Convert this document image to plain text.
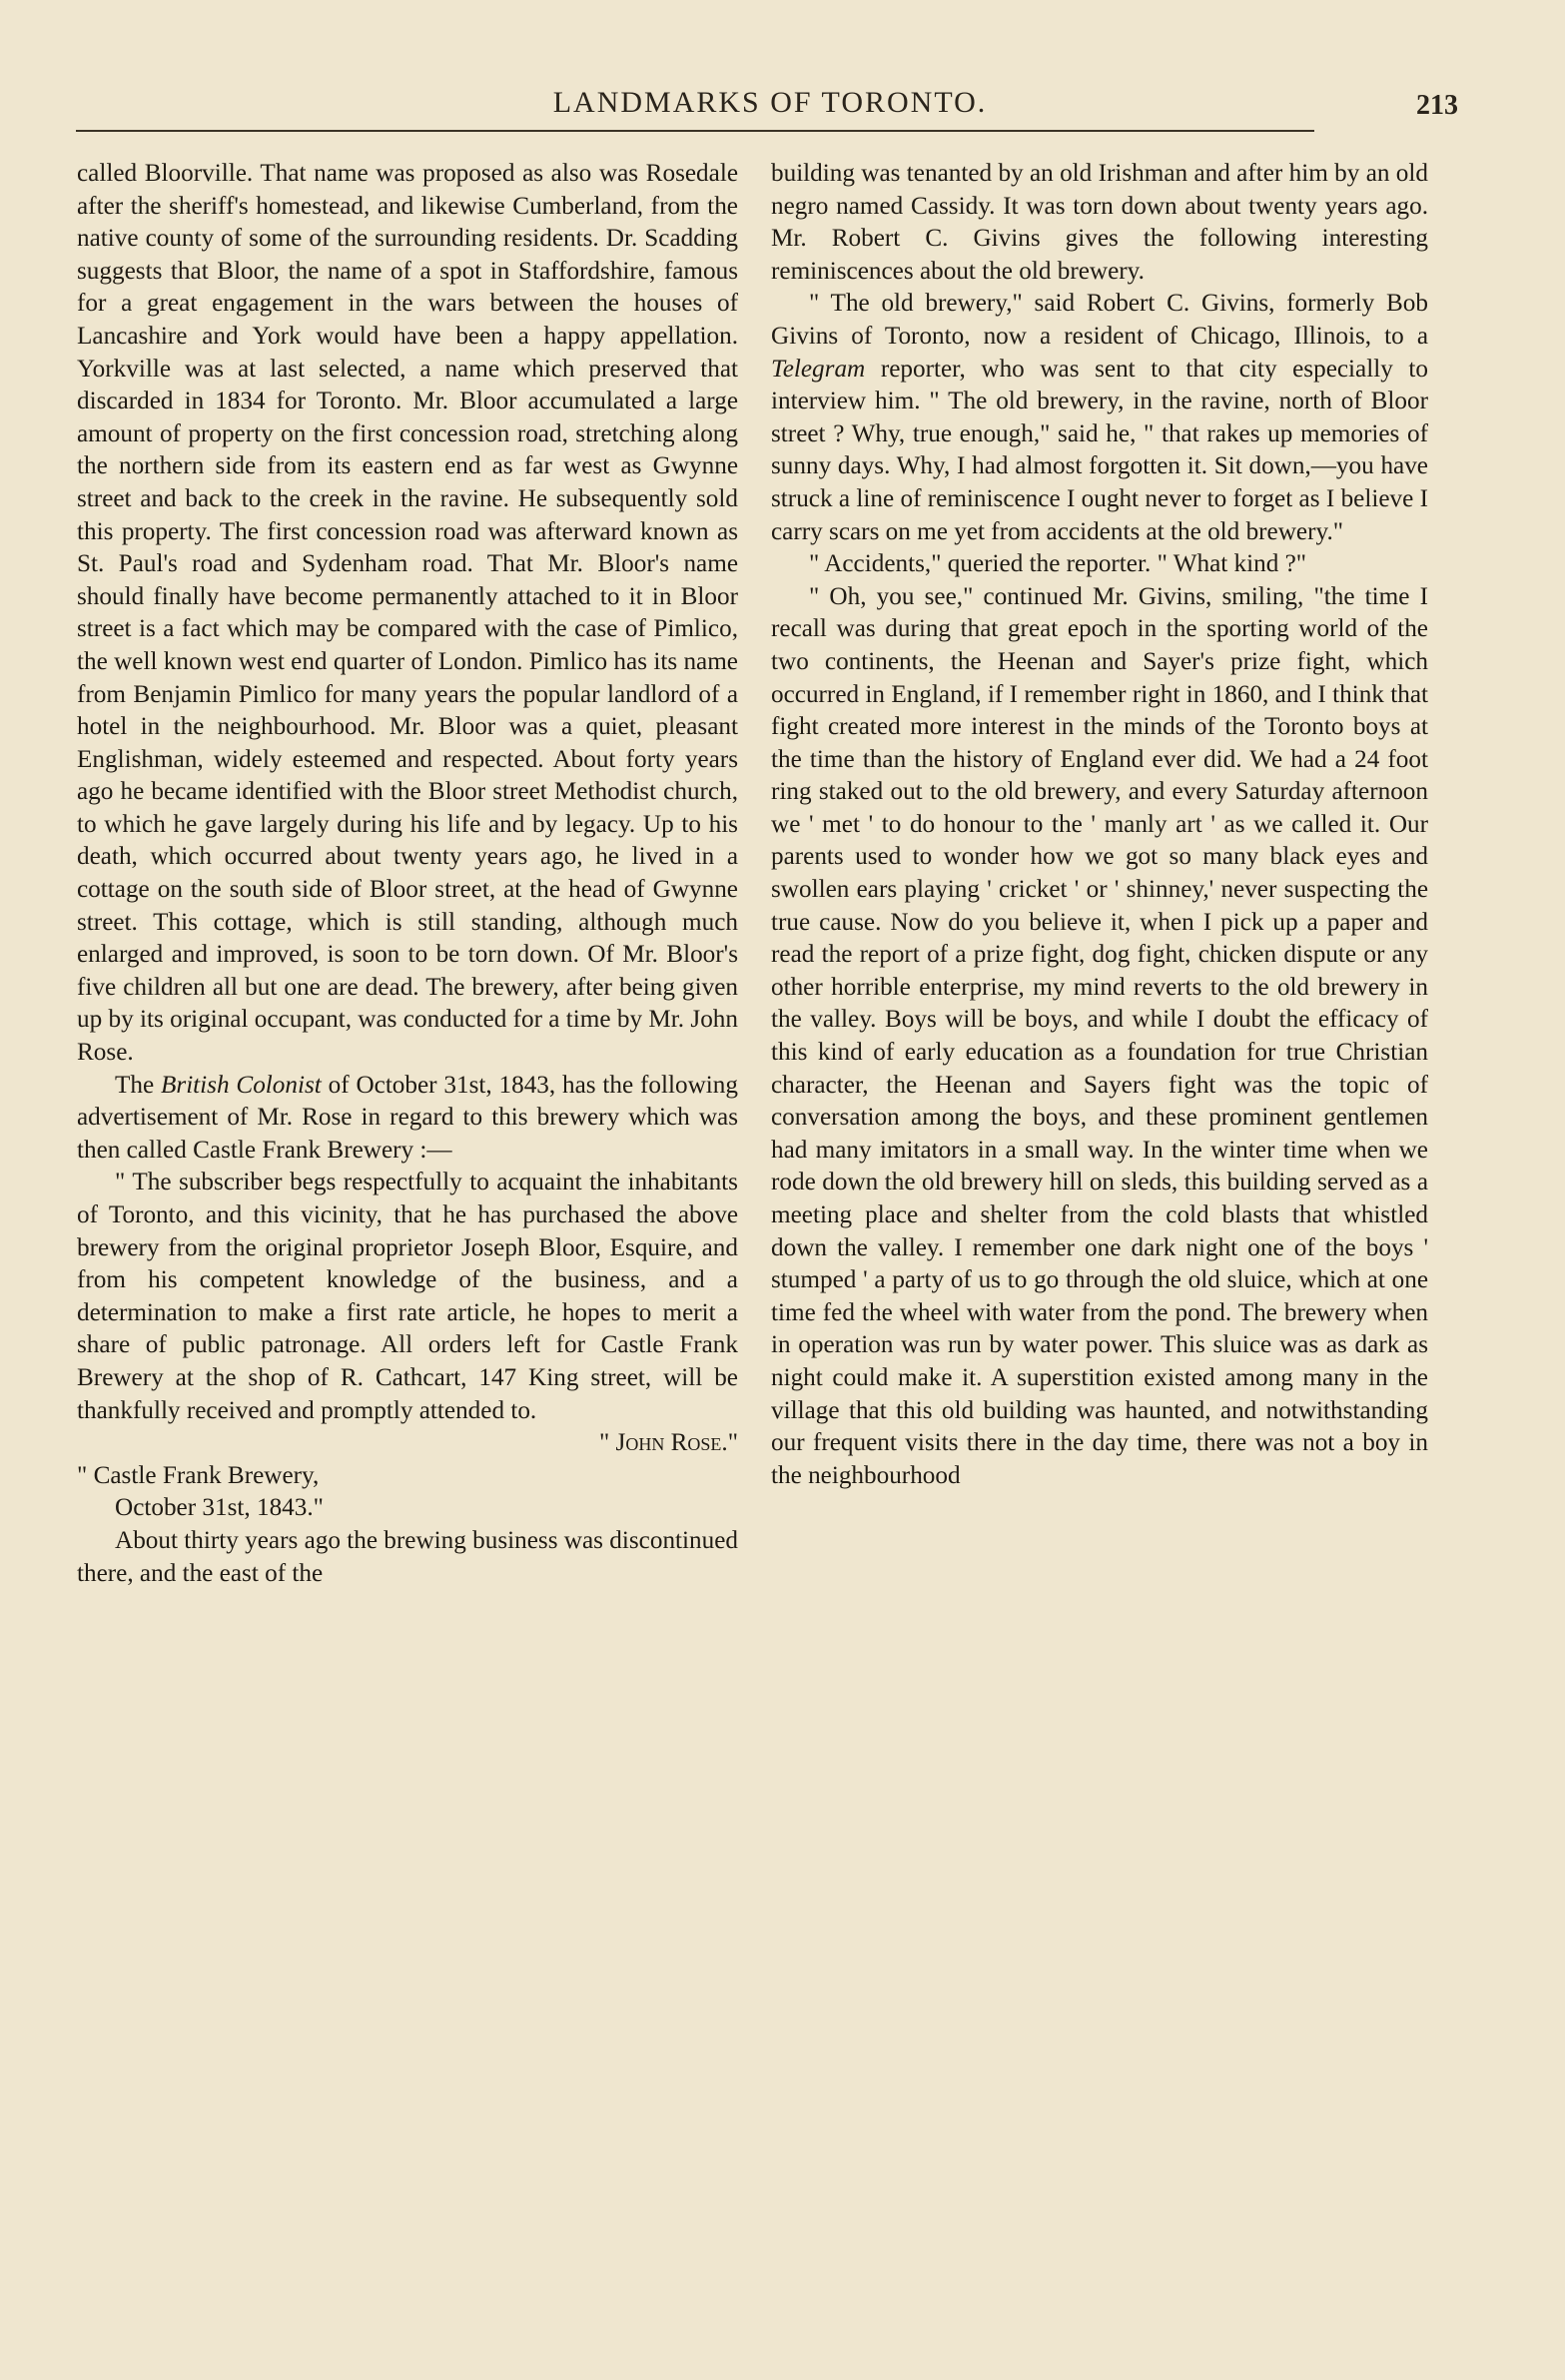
LANDMARKS OF TORONTO.	213

called Bloorville. That name was proposed as also was Rosedale after the sheriff's homestead, and likewise Cumberland, from the native county of some of the surrounding residents. Dr. Scadding suggests that Bloor, the name of a spot in Staffordshire, famous for a great engagement in the wars between the houses of Lancashire and York would have been a happy appellation. Yorkville was at last selected, a name which preserved that discarded in 1834 for Toronto. Mr. Bloor accumulated a large amount of property on the first concession road, stretching along the northern side from its eastern end as far west as Gwynne street and back to the creek in the ravine. He subsequently sold this property. The first concession road was afterward known as St. Paul's road and Sydenham road. That Mr. Bloor's name should finally have become permanently attached to it in Bloor street is a fact which may be compared with the case of Pimlico, the well known west end quarter of London. Pimlico has its name from Benjamin Pimlico for many years the popular landlord of a hotel in the neighbourhood. Mr. Bloor was a quiet, pleasant Englishman, widely esteemed and respected. About forty years ago he became identified with the Bloor street Methodist church, to which he gave largely during his life and by legacy. Up to his death, which occurred about twenty years ago, he lived in a cottage on the south side of Bloor street, at the head of Gwynne street. This cottage, which is still standing, although much enlarged and improved, is soon to be torn down. Of Mr. Bloor's five children all but one are dead. The brewery, after being given up by its original occupant, was conducted for a time by Mr. John Rose.

The British Colonist of October 31st, 1843, has the following advertisement of Mr. Rose in regard to this brewery which was then called Castle Frank Brewery :—

" The subscriber begs respectfully to acquaint the inhabitants of Toronto, and this vicinity, that he has purchased the above brewery from the original proprietor Joseph Bloor, Esquire, and from his competent knowledge of the business, and a determination to make a first rate article, he hopes to merit a share of public patronage. All orders left for Castle Frank Brewery at the shop of R. Cathcart, 147 King street, will be thankfully received and promptly attended to.

" John Rose."

" Castle Frank Brewery,

October 31st, 1843."

About thirty years ago the brewing business was discontinued there, and the east of the

building was tenanted by an old Irishman and after him by an old negro named Cassidy. It was torn down about twenty years ago. Mr. Robert C. Givins gives the following interesting reminiscences about the old brewery.

" The old brewery," said Robert C. Givins, formerly Bob Givins of Toronto, now a resident of Chicago, Illinois, to a Telegram reporter, who was sent to that city especially to interview him. " The old brewery, in the ravine, north of Bloor street ? Why, true enough," said he, " that rakes up memories of sunny days. Why, I had almost forgotten it. Sit down,—you have struck a line of reminiscence I ought never to forget as I believe I carry scars on me yet from accidents at the old brewery."

" Accidents," queried the reporter. " What kind ?"

" Oh, you see," continued Mr. Givins, smiling, "the time I recall was during that great epoch in the sporting world of the two continents, the Heenan and Sayer's prize fight, which occurred in England, if I remember right in 1860, and I think that fight created more interest in the minds of the Toronto boys at the time than the history of England ever did. We had a 24 foot ring staked out to the old brewery, and every Saturday afternoon we ' met ' to do honour to the ' manly art ' as we called it. Our parents used to wonder how we got so many black eyes and swollen ears playing ' cricket ' or ' shinney,' never suspecting the true cause. Now do you believe it, when I pick up a paper and read the report of a prize fight, dog fight, chicken dispute or any other horrible enterprise, my mind reverts to the old brewery in the valley. Boys will be boys, and while I doubt the efficacy of this kind of early education as a foundation for true Christian character, the Heenan and Sayers fight was the topic of conversation among the boys, and these prominent gentlemen had many imitators in a small way. In the winter time when we rode down the old brewery hill on sleds, this building served as a meeting place and shelter from the cold blasts that whistled down the valley. I remember one dark night one of the boys ' stumped ' a party of us to go through the old sluice, which at one time fed the wheel with water from the pond. The brewery when in operation was run by water power. This sluice was as dark as night could make it. A superstition existed among many in the village that this old building was haunted, and notwithstanding our frequent visits there in the day time, there was not a boy in the neighbourhood
